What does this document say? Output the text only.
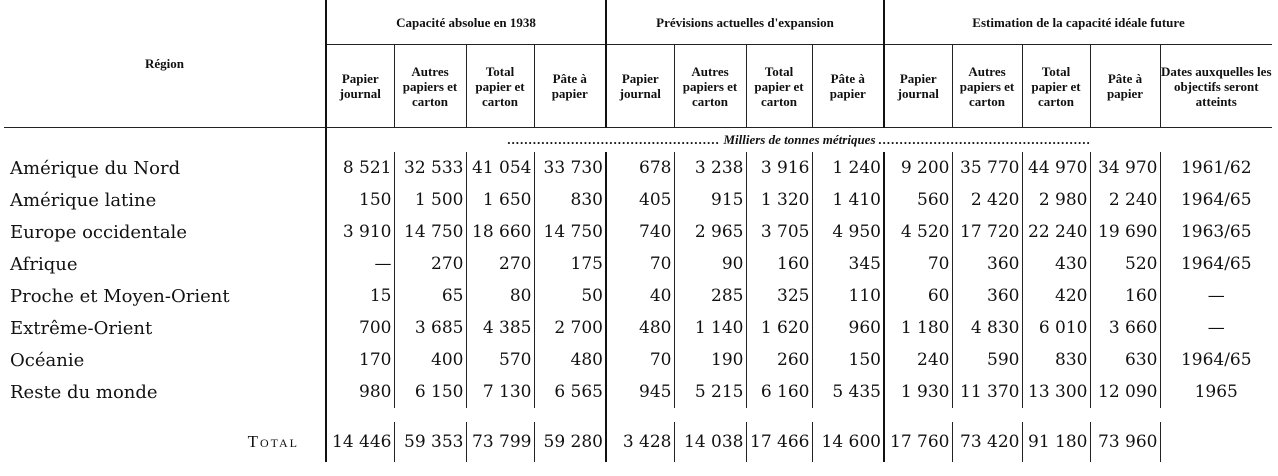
Région	Capacité absolue en 1938				Prévisions actuelles d'expansion				Estimation de la capacité idéale future				
	Papier journal	Autres papiers et carton	Total papier et carton	Pâte à papier	Papier journal	Autres papiers et carton	Total papier et carton	Pâte à papier	Papier journal	Autres papiers et carton	Total papier et carton	Pâte à papier	Dates auxquelles les objectifs seront atteints
	.................................................. Milliers de tonnes métriques ..................................................												
Amérique du Nord	8 521	32 533	41 054	33 730	678	3 238	3 916	1 240	9 200	35 770	44 970	34 970	1961/62
Amérique latine	150	1 500	1 650	830	405	915	1 320	1 410	560	2 420	2 980	2 240	1964/65
Europe occidentale	3 910	14 750	18 660	14 750	740	2 965	3 705	4 950	4 520	17 720	22 240	19 690	1963/65
Afrique	—	270	270	175	70	90	160	345	70	360	430	520	1964/65
Proche et Moyen-Orient	15	65	80	50	40	285	325	110	60	360	420	160	—
Extrême-Orient	700	3 685	4 385	2 700	480	1 140	1 620	960	1 180	4 830	6 010	3 660	—
Océanie	170	400	570	480	70	190	260	150	240	590	830	630	1964/65
Reste du monde	980	6 150	7 130	6 565	945	5 215	6 160	5 435	1 930	11 370	13 300	12 090	1965

Total	14 446	59 353	73 799	59 280	3 428	14 038	17 466	14 600	17 760	73 420	91 180	73 960	
